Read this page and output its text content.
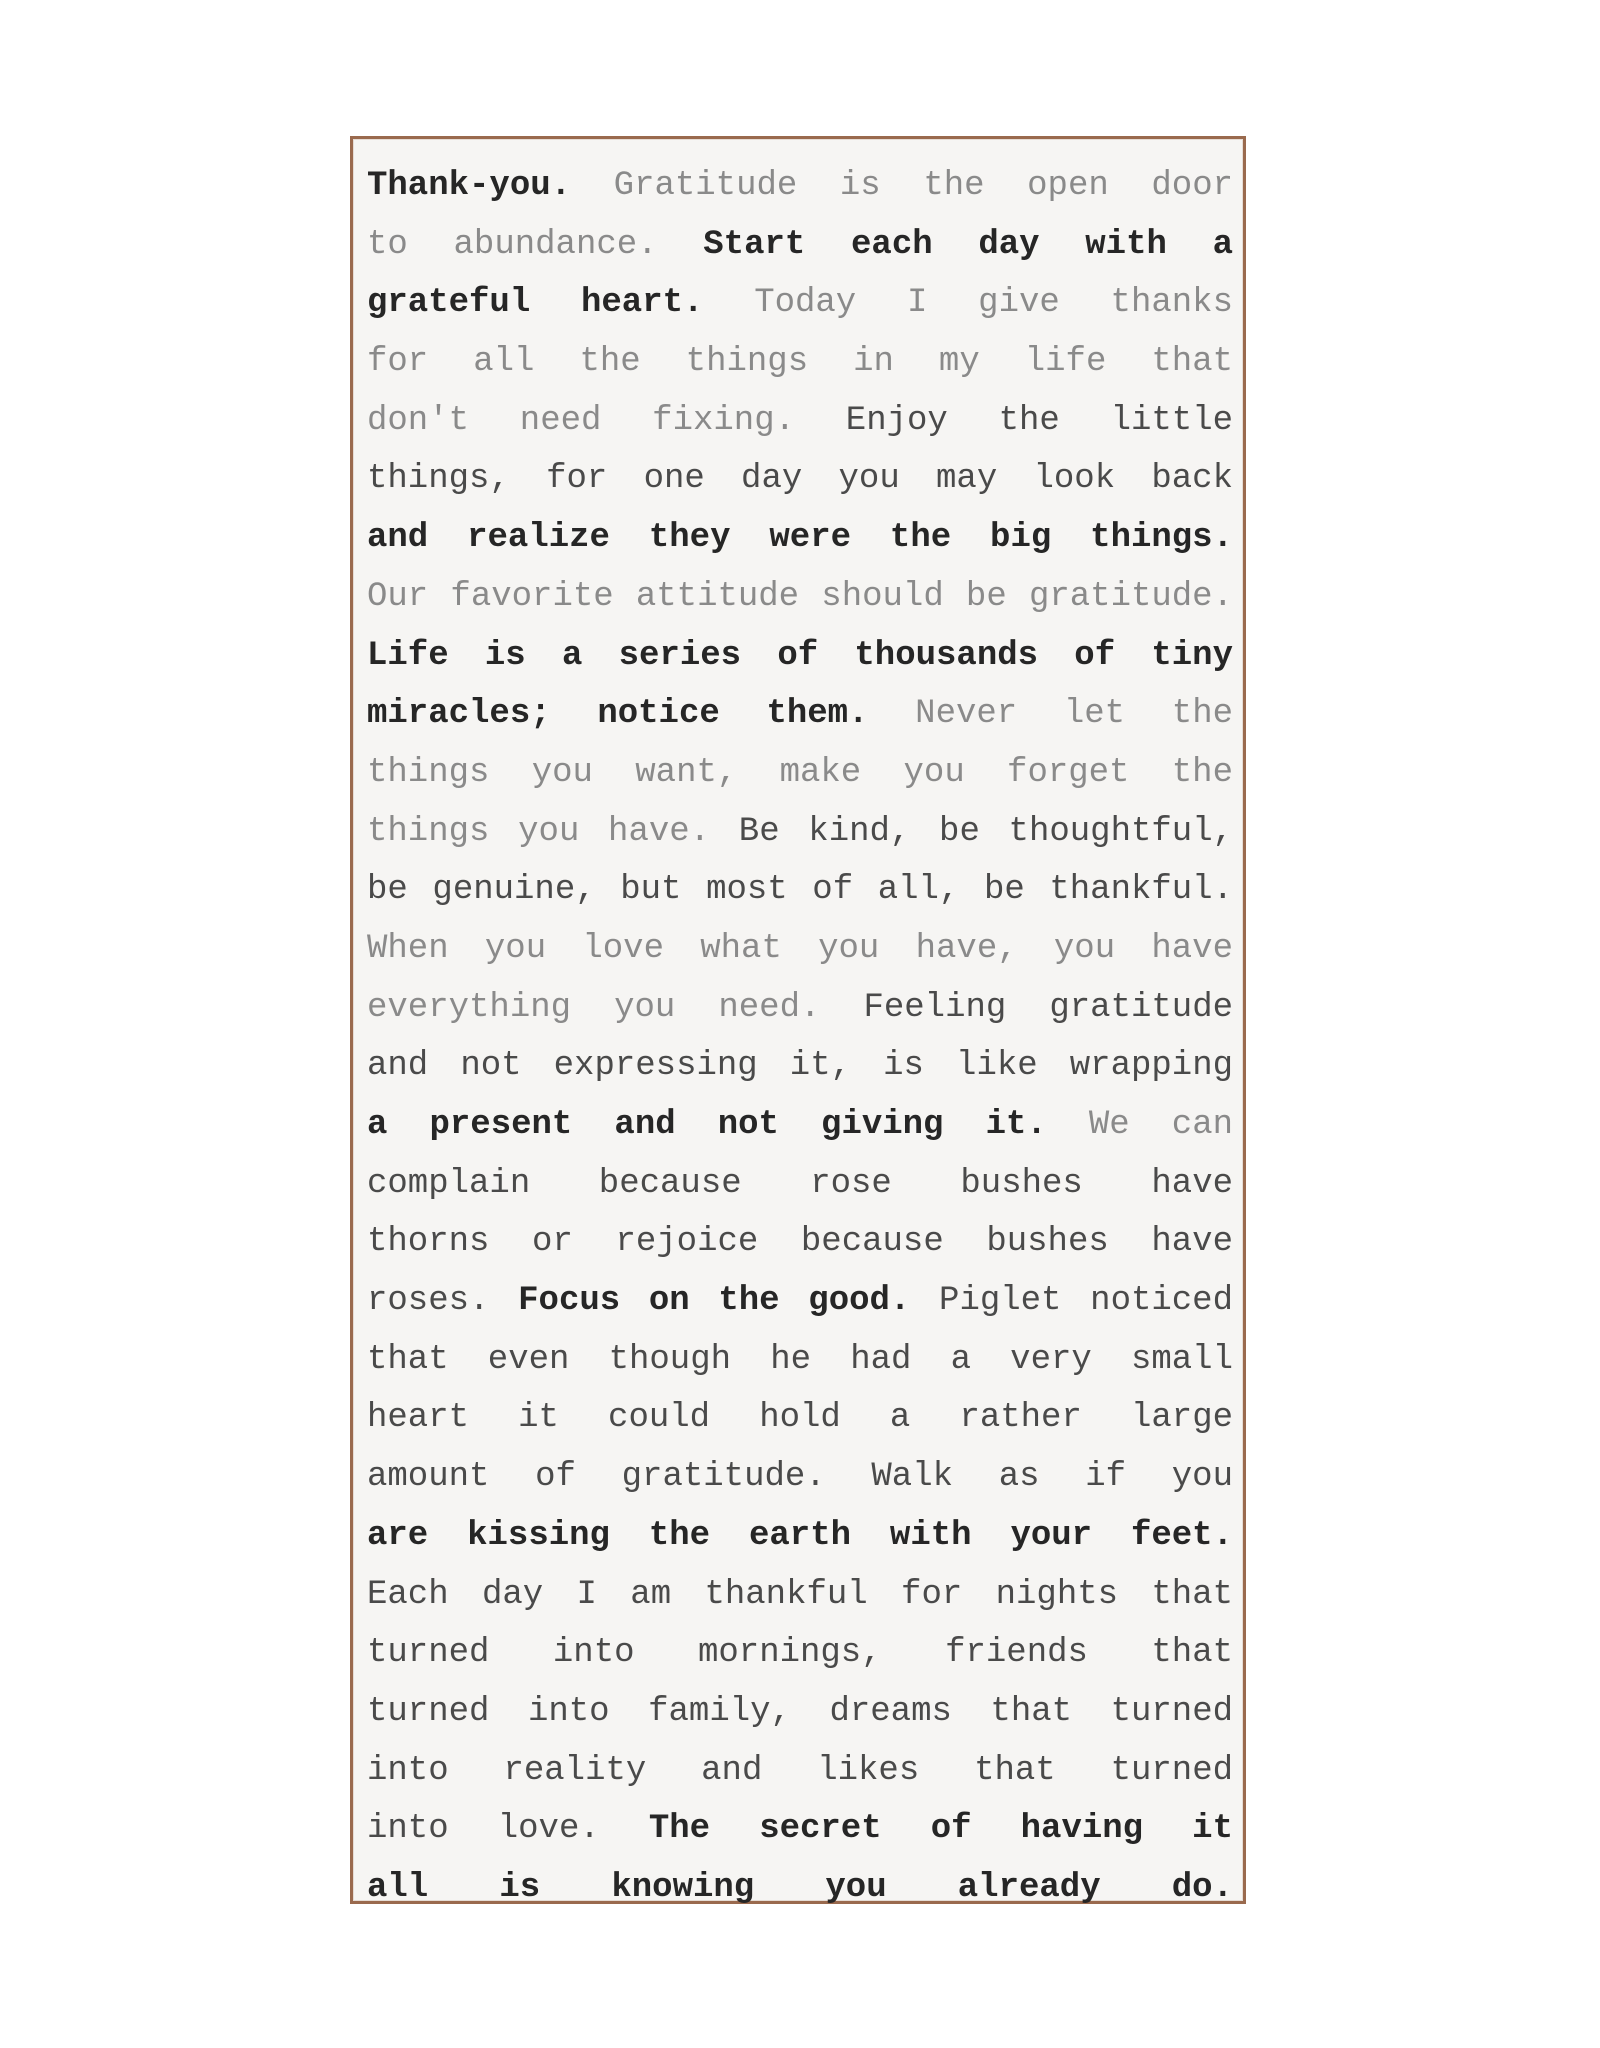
Thank-you. Gratitude is the open door
to abundance. Start each day with a
grateful heart. Today I give thanks
for all the things in my life that
don't need fixing. Enjoy the little
things, for one day you may look back
and realize they were the big things.
Our favorite attitude should be gratitude.
Life is a series of thousands of tiny
miracles; notice them. Never let the
things you want, make you forget the
things you have. Be kind, be thoughtful,
be genuine, but most of all, be thankful.
When you love what you have, you have
everything you need. Feeling gratitude
and not expressing it, is like wrapping
a present and not giving it. We can
complain because rose bushes have
thorns or rejoice because bushes have
roses. Focus on the good. Piglet noticed
that even though he had a very small
heart it could hold a rather large
amount of gratitude. Walk as if you
are kissing the earth with your feet.
Each day I am thankful for nights that
turned into mornings, friends that
turned into family, dreams that turned
into reality and likes that turned
into love. The secret of having it
all is knowing you already do.
